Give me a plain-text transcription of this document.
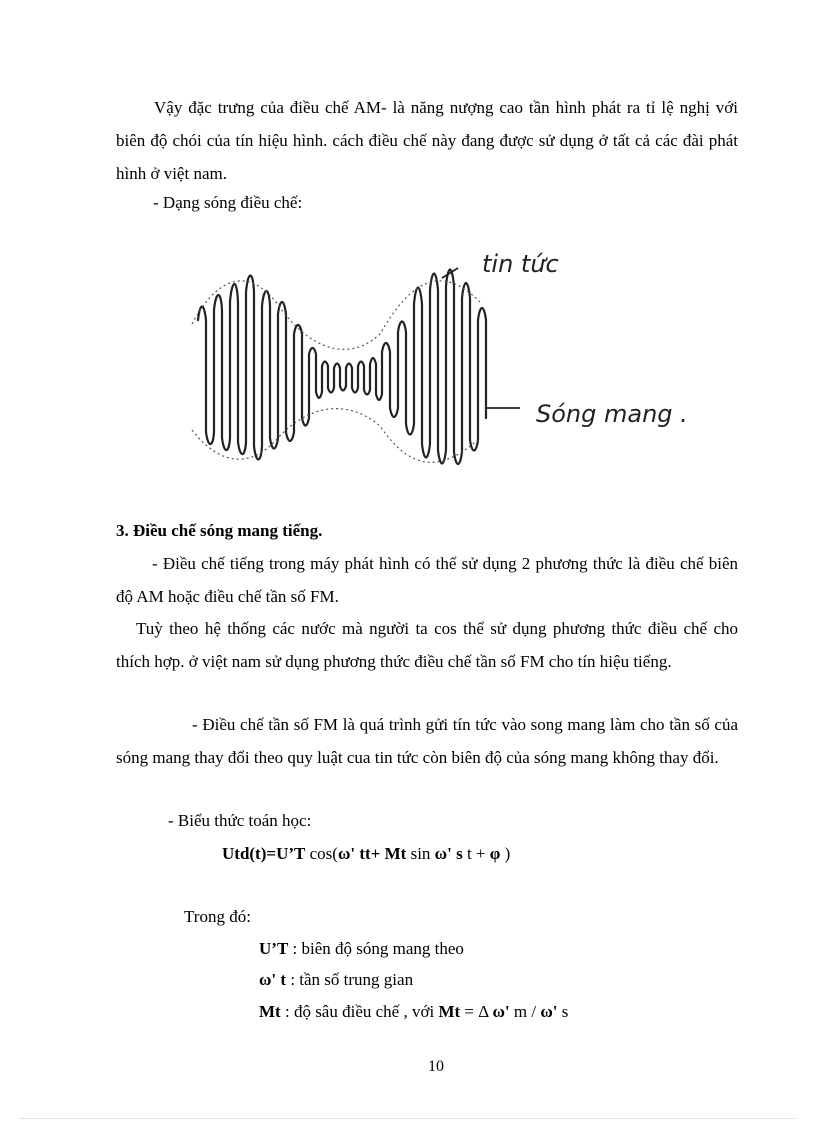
Vậy đặc trưng của điều chế AM- là năng nượng cao tần hình phát ra tỉ lệ nghị với biên độ chói của tín hiệu hình. cách điều chế này đang được sử dụng ở tất cả các đài phát hình ở việt nam.

- Dạng sóng điều chế:

tin tức
Sóng mang .

3. Điều chế sóng mang tiếng.

- Điều chế tiếng trong máy phát hình có thể sử dụng 2 phương thức là điều chế biên độ AM hoặc điều chế tần số FM.

Tuỳ theo hệ thống các nước mà người ta cos thể sử dụng phương thức điều chế cho thích hợp. ở việt nam sử dụng phương thức điều chế tần số FM cho tín hiệu tiếng.

- Điều chế tần số FM là quá trình gửi tín tức vào song mang làm cho tần số của sóng mang thay đổi theo quy luật cua tin tức còn biên độ của sóng mang không thay đổi.

- Biểu thức toán học:

Utd(t)=U’T cos(ω' tt+ Mt sin ω' s t + φ )

Trong đó:

U’T : biên độ sóng mang theo

ω' t : tần số trung gian

Mt : độ sâu điều chế , với Mt = Δ ω' m / ω' s

10
